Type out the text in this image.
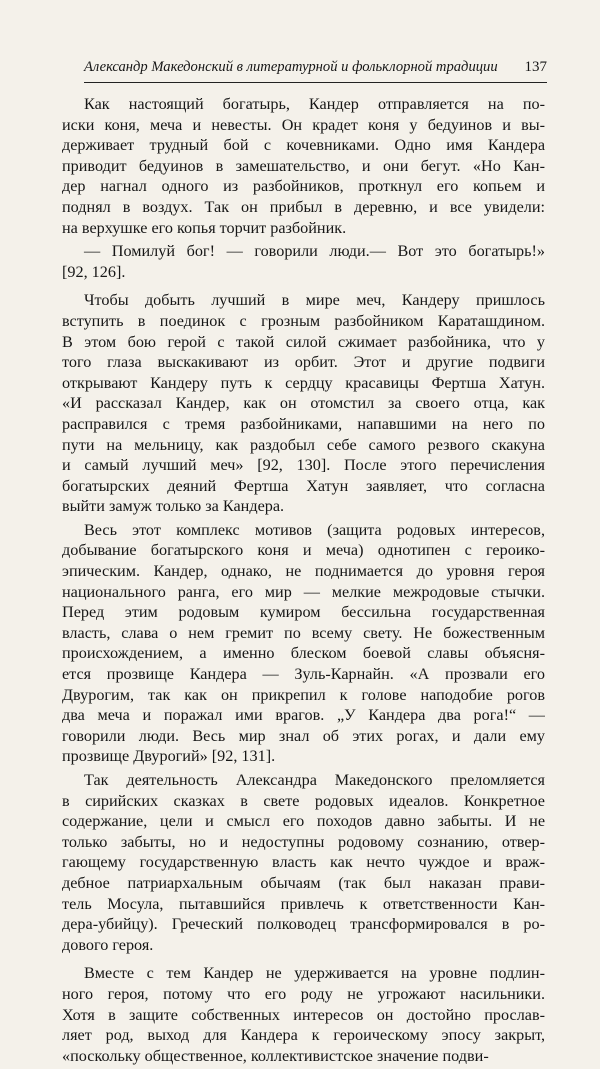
Александр Македонский в литературной и фольклорной традиции 137

Как настоящий богатырь, Кандер отправляется на по-
иски коня, меча и невесты. Он крадет коня у бедуинов и вы-
держивает трудный бой с кочевниками. Одно имя Кандера
приводит бедуинов в замешательство, и они бегут. «Но Кан-
дер нагнал одного из разбойников, проткнул его копьем и
поднял в воздух. Так он прибыл в деревню, и все увидели:
на верхушке его копья торчит разбойник.

— Помилуй бог! — говорили люди.— Вот это богатырь!»
[92, 126].

Чтобы добыть лучший в мире меч, Кандеру пришлось
вступить в поединок с грозным разбойником Караташдином.
В этом бою герой с такой силой сжимает разбойника, что у
того глаза выскакивают из орбит. Этот и другие подвиги
открывают Кандеру путь к сердцу красавицы Фертша Хатун.
«И рассказал Кандер, как он отомстил за своего отца, как
расправился с тремя разбойниками, напавшими на него по
пути на мельницу, как раздобыл себе самого резвого скакуна
и самый лучший меч» [92, 130]. После этого перечисления
богатырских деяний Фертша Хатун заявляет, что согласна
выйти замуж только за Кандера.

Весь этот комплекс мотивов (защита родовых интересов,
добывание богатырского коня и меча) однотипен с героико-
эпическим. Кандер, однако, не поднимается до уровня героя
национального ранга, его мир — мелкие межродовые стычки.
Перед этим родовым кумиром бессильна государственная
власть, слава о нем гремит по всему свету. Не божественным
происхождением, а именно блеском боевой славы объясня-
ется прозвище Кандера — Зуль-Карнайн. «А прозвали его
Двурогим, так как он прикрепил к голове наподобие рогов
два меча и поражал ими врагов. „У Кандера два рога!“ —
говорили люди. Весь мир знал об этих рогах, и дали ему
прозвище Двурогий» [92, 131].

Так деятельность Александра Македонского преломляется
в сирийских сказках в свете родовых идеалов. Конкретное
содержание, цели и смысл его походов давно забыты. И не
только забыты, но и недоступны родовому сознанию, отвер-
гающему государственную власть как нечто чуждое и враж-
дебное патриархальным обычаям (так был наказан прави-
тель Мосула, пытавшийся привлечь к ответственности Кан-
дера-убийцу). Греческий полководец трансформировался в ро-
дового героя.

Вместе с тем Кандер не удерживается на уровне подлин-
ного героя, потому что его роду не угрожают насильники.
Хотя в защите собственных интересов он достойно прослав-
ляет род, выход для Кандера к героическому эпосу закрыт,
«поскольку общественное, коллективистское значение подви-
